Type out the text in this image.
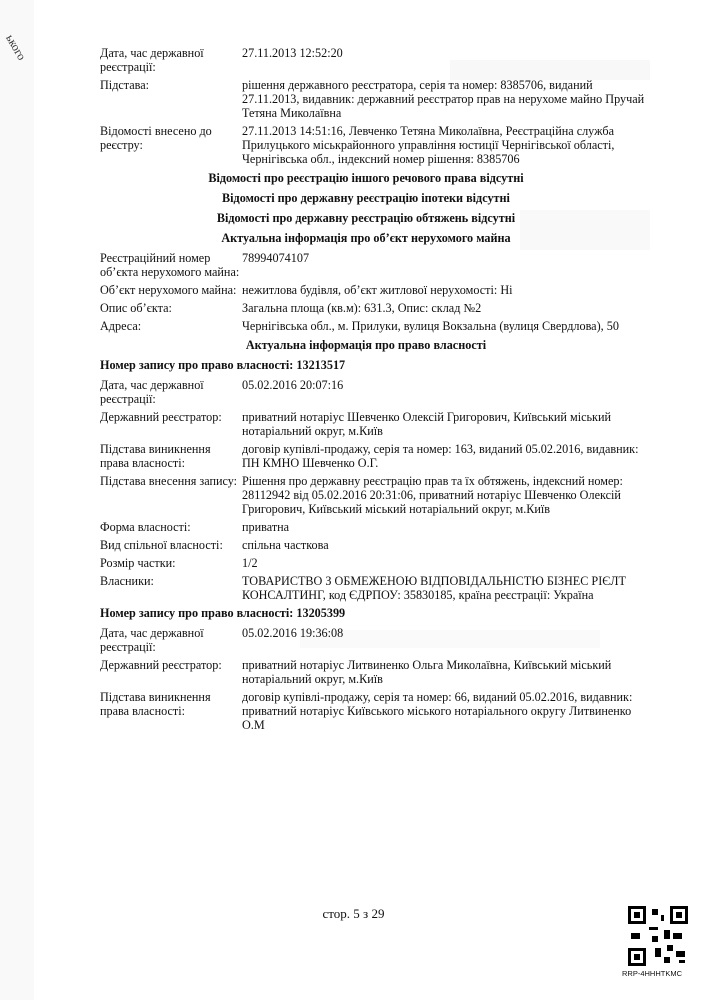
ького	Дата, час державної реєстрації:
27.11.2013 12:52:20
Підстава:	рішення державного реєстратора, серія та номер: 8385706, виданий 27.11.2013, видавник: державний реєстратор прав на нерухоме майно Пручай Тетяна Миколаївна
Відомості внесено до реєстру:
27.11.2013 14:51:16, Левченко Тетяна Миколаївна, Реєстраційна служба Прилуцького міськрайонного управління юстиції Чернігівської області, Чернігівська обл., індексний номер рішення: 8385706
Відомості про реєстрацію іншого речового права відсутні
Відомості про державну реєстрацію іпотеки відсутні
Відомості про державну реєстрацію обтяжень відсутні
Актуальна інформація про об’єкт нерухомого майна
Реєстраційний номер об’єкта нерухомого майна:
78994074107
Об’єкт нерухомого майна: нежитлова будівля, об’єкт житлової нерухомості: Ні
Опис об’єкта:	Загальна площа (кв.м): 631.3, Опис: склад №2
Адреса:	Чернігівська обл., м. Прилуки, вулиця Вокзальна (вулиця Свердлова), 50
Актуальна інформація про право власності
Номер запису про право власності: 13213517
Дата, час державної реєстрації:
05.02.2016 20:07:16
Державний реєстратор:	приватний нотаріус Шевченко Олексій Григорович, Київський міський нотаріальний округ, м.Київ
Підстава виникнення права власності:
договір купівлі-продажу, серія та номер: 163, виданий 05.02.2016, видавник: ПН КМНО Шевченко О.Г.
Підстава внесення запису: Рішення про державну реєстрацію прав та їх обтяжень, індексний номер: 28112942 від 05.02.2016 20:31:06, приватний нотаріус Шевченко Олексій Григорович, Київський міський нотаріальний округ, м.Київ
Форма власності:	приватна
Вид спільної власності:	спільна часткова
Розмір частки:	1/2
Власники:	ТОВАРИСТВО З ОБМЕЖЕНОЮ ВІДПОВІДАЛЬНІСТЮ БІЗНЕС РІЄЛТ КОНСАЛТИНГ, код ЄДРПОУ: 35830185, країна реєстрації: Україна
Номер запису про право власності: 13205399
Дата, час державної реєстрації:
05.02.2016 19:36:08
Державний реєстратор:	приватний нотаріус Литвиненко Ольга Миколаївна, Київський міський нотаріальний округ, м.Київ
Підстава виникнення права власності:
договір купівлі-продажу, серія та номер: 66, виданий 05.02.2016, видавник: приватний нотаріус Київського міського нотаріального округу Литвиненко О.М
стор. 5 з 29
RRP-4HHHTKMC
